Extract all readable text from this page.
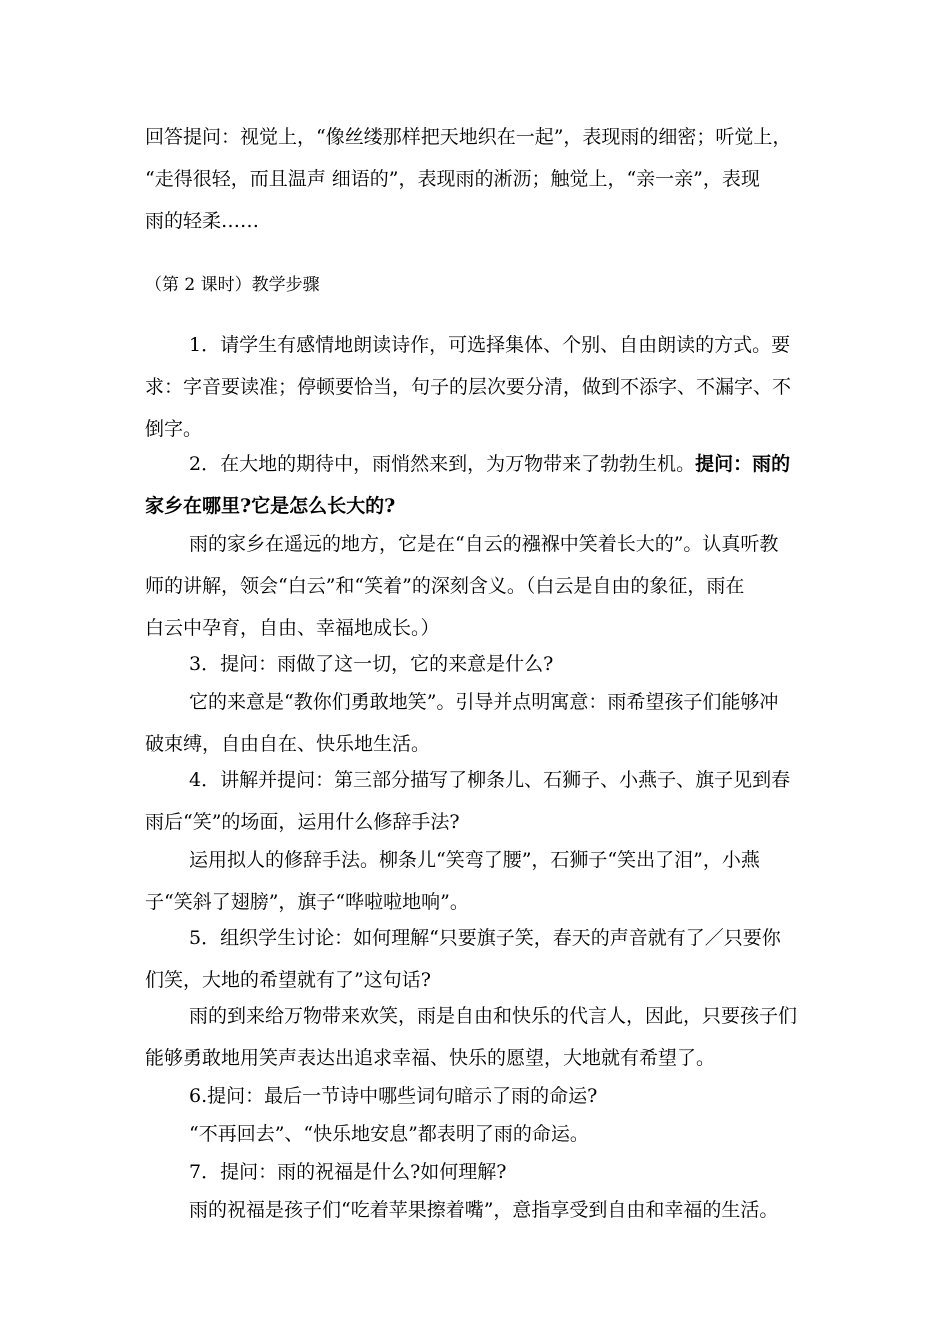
回答提问：视觉上，“像丝缕那样把天地织在一起”，表现雨的细密；听觉上，
“走得很轻，而且温声 细语的”，表现雨的淅沥；触觉上，“亲一亲”，表现
雨的轻柔……
（第 2 课时）教学步骤
1．请学生有感情地朗读诗作，可选择集体、个别、自由朗读的方式。要
求：字音要读准；停顿要恰当，句子的层次要分清，做到不添字、不漏字、不
倒字。
2．在大地的期待中，雨悄然来到，为万物带来了勃勃生机。提问：雨的
家乡在哪里?它是怎么长大的?
雨的家乡在遥远的地方，它是在“自云的襁褓中笑着长大的”。认真听教
师的讲解，领会“白云”和“笑着”的深刻含义。（白云是自由的象征，雨在
白云中孕育，自由、幸福地成长。）
3．提问：雨做了这一切，它的来意是什么?
它的来意是“教你们勇敢地笑”。引导并点明寓意：雨希望孩子们能够冲
破束缚，自由自在、快乐地生活。
4．讲解并提问：第三部分描写了柳条儿、石狮子、小燕子、旗子见到春
雨后“笑”的场面，运用什么修辞手法?
运用拟人的修辞手法。柳条儿“笑弯了腰”，石狮子“笑出了泪”，小燕
子“笑斜了翅膀”，旗子“哗啦啦地响”。
5．组织学生讨论：如何理解“只要旗子笑，春天的声音就有了／只要你
们笑，大地的希望就有了”这句话?
雨的到来给万物带来欢笑，雨是自由和快乐的代言人，因此，只要孩子们
能够勇敢地用笑声表达出追求幸福、快乐的愿望，大地就有希望了。
6.提问：最后一节诗中哪些词句暗示了雨的命运?
“不再回去”、“快乐地安息”都表明了雨的命运。
7．提问：雨的祝福是什么?如何理解?
雨的祝福是孩子们“吃着苹果擦着嘴”，意指享受到自由和幸福的生活。
